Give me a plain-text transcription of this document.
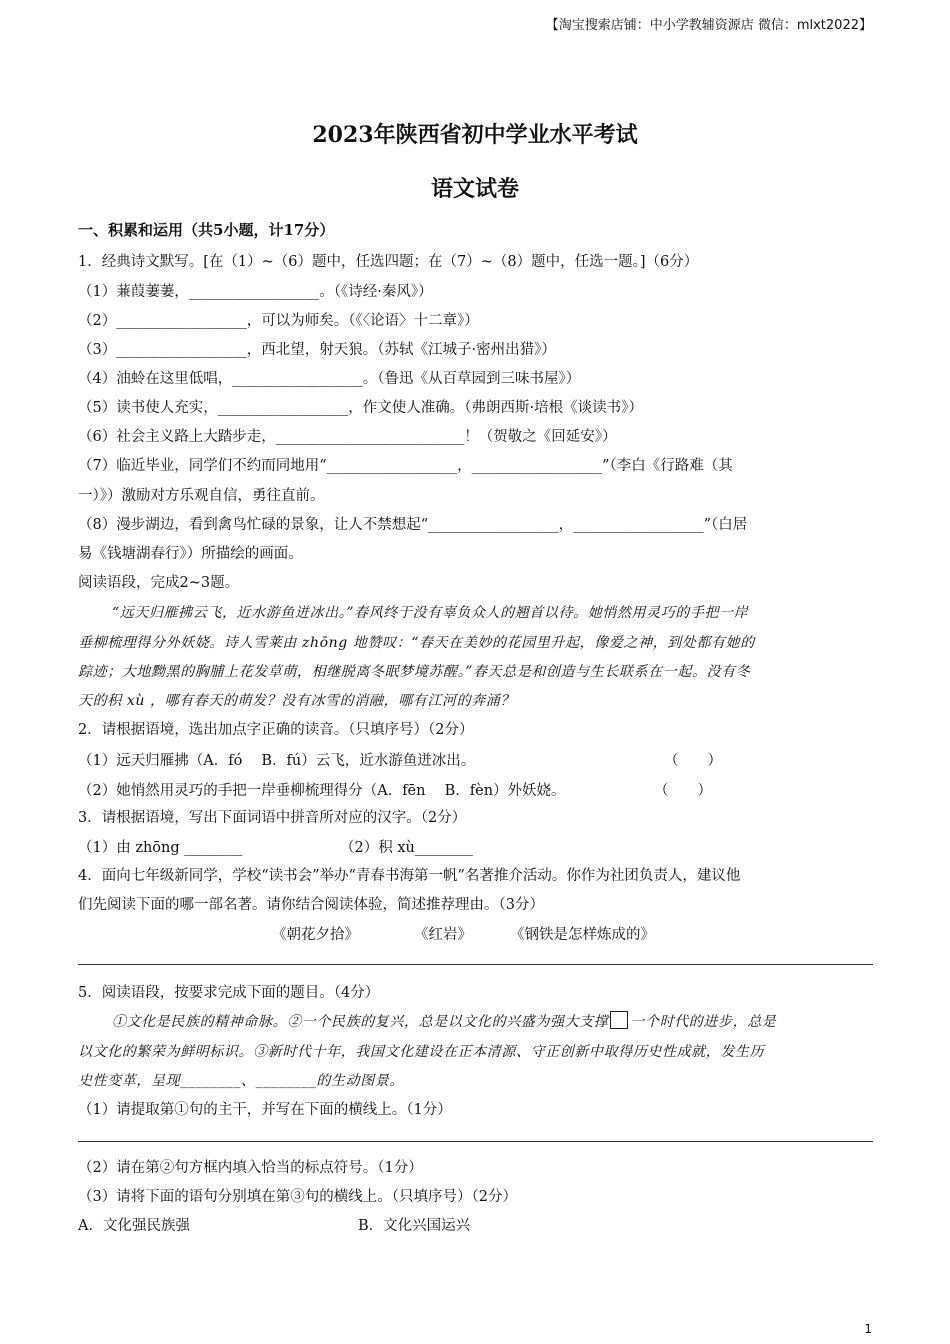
【淘宝搜索店铺：中小学教辅资源店 微信：mlxt2022】
2023年陕西省初中学业水平考试
语文试卷
一、积累和运用（共5小题，计17分）
1．经典诗文默写。[在（1）~（6）题中，任选四题；在（7）~（8）题中，任选一题。]（6分）
（1）蒹葭萋萋，__________________。（《诗经·秦风》）
（2）__________________，可以为师矣。（《〈论语〉十二章》）
（3）__________________，西北望，射天狼。（苏轼《江城子·密州出猎》）
（4）油蛉在这里低唱，__________________。（鲁迅《从百草园到三味书屋》）
（5）读书使人充实，__________________，作文使人准确。（弗朗西斯·培根《谈读书》）
（6）社会主义路上大踏步走，__________________________！（贺敬之《回延安》）
（7）临近毕业，同学们不约而同地用“__________________，__________________”（李白《行路难（其
一）》）激励对方乐观自信，勇往直前。
（8）漫步湖边，看到禽鸟忙碌的景象，让人不禁想起“__________________，__________________”（白居
易《钱塘湖春行》）所描绘的画面。
阅读语段，完成2~3题。
“远天归雁拂云飞，近水游鱼迸冰出。”春风终于没有辜负众人的翘首以待。她悄然用灵巧的手把一岸
垂柳梳理得分外妖娆。诗人雪莱由 zhōng 地赞叹：“春天在美妙的花园里升起，像爱之神，到处都有她的
踪迹；大地黝黑的胸脯上花发草萌，相继脱离冬眠梦境苏醒。”春天总是和创造与生长联系在一起。没有冬
天的积 xù ，哪有春天的萌发？没有冰雪的消融，哪有江河的奔涌？
2．请根据语境，选出加点字正确的读音。（只填序号）（2分）
（1）远天归雁拂（A．fó　 B．fú）云飞，近水游鱼迸冰出。	（　　）
（2）她悄然用灵巧的手把一岸垂柳梳理得分（A．fēn　 B．fèn）外妖娆。	（　　）
3．请根据语境，写出下面词语中拼音所对应的汉字。（2分）
（1）由 zhōng ________	（2）积 xù________
4．面向七年级新同学，学校“读书会”举办“青春书海第一帆”名著推介活动。你作为社团负责人，建议他
们先阅读下面的哪一部名著。请你结合阅读体验，简述推荐理由。（3分）
《朝花夕拾》	《红岩》	《钢铁是怎样炼成的》
5．阅读语段，按要求完成下面的题目。（4分）
①文化是民族的精神命脉。②一个民族的复兴，总是以文化的兴盛为强大支撑 一个时代的进步，总是
以文化的繁荣为鲜明标识。③新时代十年，我国文化建设在正本清源、守正创新中取得历史性成就，发生历
史性变革，呈现________、________的生动图景。
（1）请提取第①句的主干，并写在下面的横线上。（1分）
（2）请在第②句方框内填入恰当的标点符号。（1分）
（3）请将下面的语句分别填在第③句的横线上。（只填序号）（2分）
A．文化强民族强	B．文化兴国运兴
1
